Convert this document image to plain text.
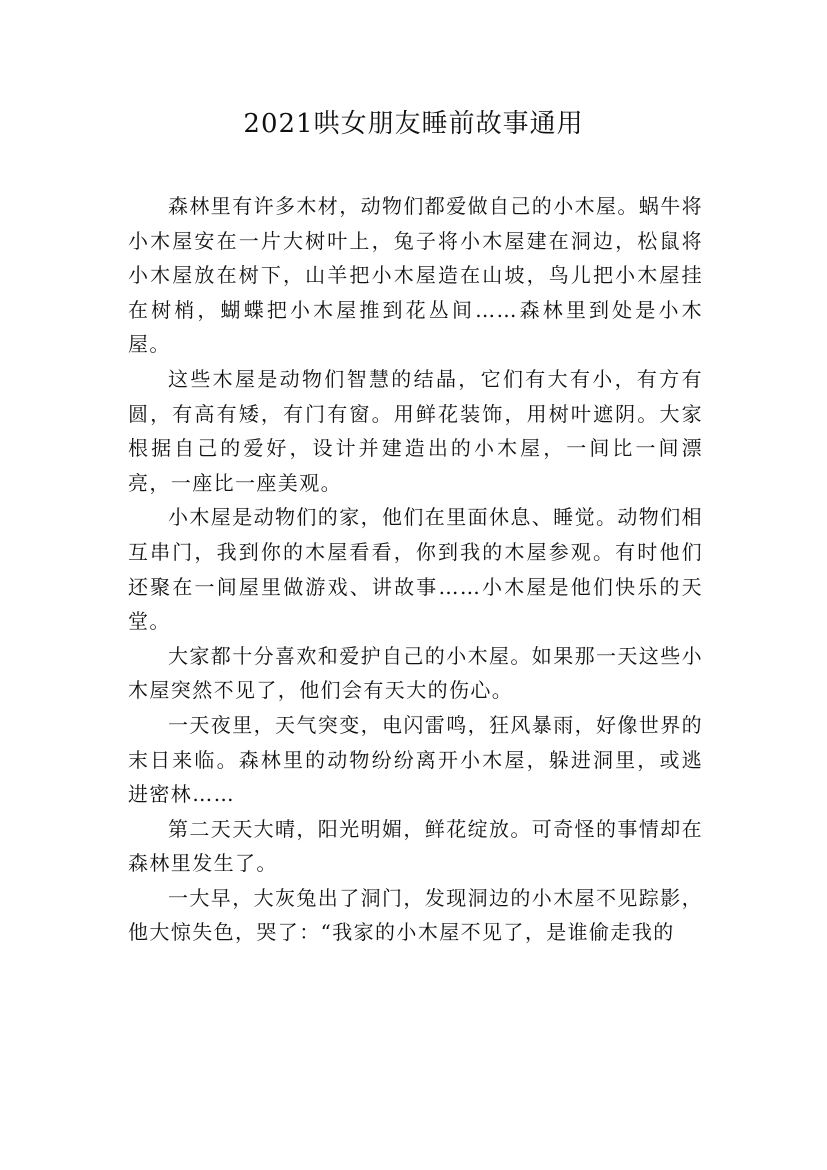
2021哄女朋友睡前故事通用

森林里有许多木材，动物们都爱做自己的小木屋。蜗牛将小木屋安在一片大树叶上，兔子将小木屋建在洞边，松鼠将小木屋放在树下，山羊把小木屋造在山坡，鸟儿把小木屋挂在树梢，蝴蝶把小木屋推到花丛间……森林里到处是小木屋。

这些木屋是动物们智慧的结晶，它们有大有小，有方有圆，有高有矮，有门有窗。用鲜花装饰，用树叶遮阴。大家根据自己的爱好，设计并建造出的小木屋，一间比一间漂亮，一座比一座美观。

小木屋是动物们的家，他们在里面休息、睡觉。动物们相互串门，我到你的木屋看看，你到我的木屋参观。有时他们还聚在一间屋里做游戏、讲故事……小木屋是他们快乐的天堂。

大家都十分喜欢和爱护自己的小木屋。如果那一天这些小木屋突然不见了，他们会有天大的伤心。

一天夜里，天气突变，电闪雷鸣，狂风暴雨，好像世界的末日来临。森林里的动物纷纷离开小木屋，躲进洞里，或逃进密林……

第二天天大晴，阳光明媚，鲜花绽放。可奇怪的事情却在森林里发生了。

一大早，大灰兔出了洞门，发现洞边的小木屋不见踪影，他大惊失色，哭了：“我家的小木屋不见了，是谁偷走我的
